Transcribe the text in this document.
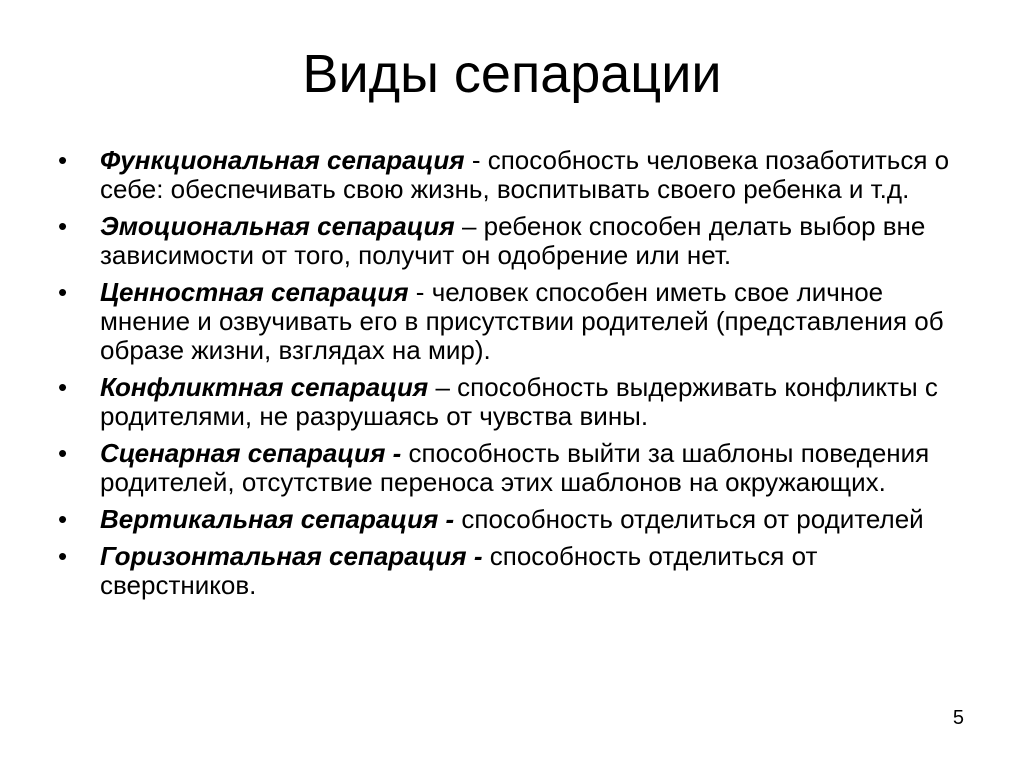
Виды сепарации
•	Функциональная сепарация - способность человека позаботиться о себе: обеспечивать свою жизнь, воспитывать своего ребенка и т.д.
•	Эмоциональная сепарация – ребенок способен делать выбор вне зависимости от того, получит он одобрение или нет.
•	Ценностная сепарация - человек способен иметь свое личное мнение и озвучивать его в присутствии родителей (представления об образе жизни, взглядах на мир).
•	Конфликтная сепарация – способность выдерживать конфликты с родителями, не разрушаясь от чувства вины.
•	Сценарная сепарация - способность выйти за шаблоны поведения родителей, отсутствие переноса этих шаблонов на окружающих.
•	Вертикальная сепарация - способность отделиться от родителей
•	Горизонтальная сепарация - способность отделиться от сверстников.
5
